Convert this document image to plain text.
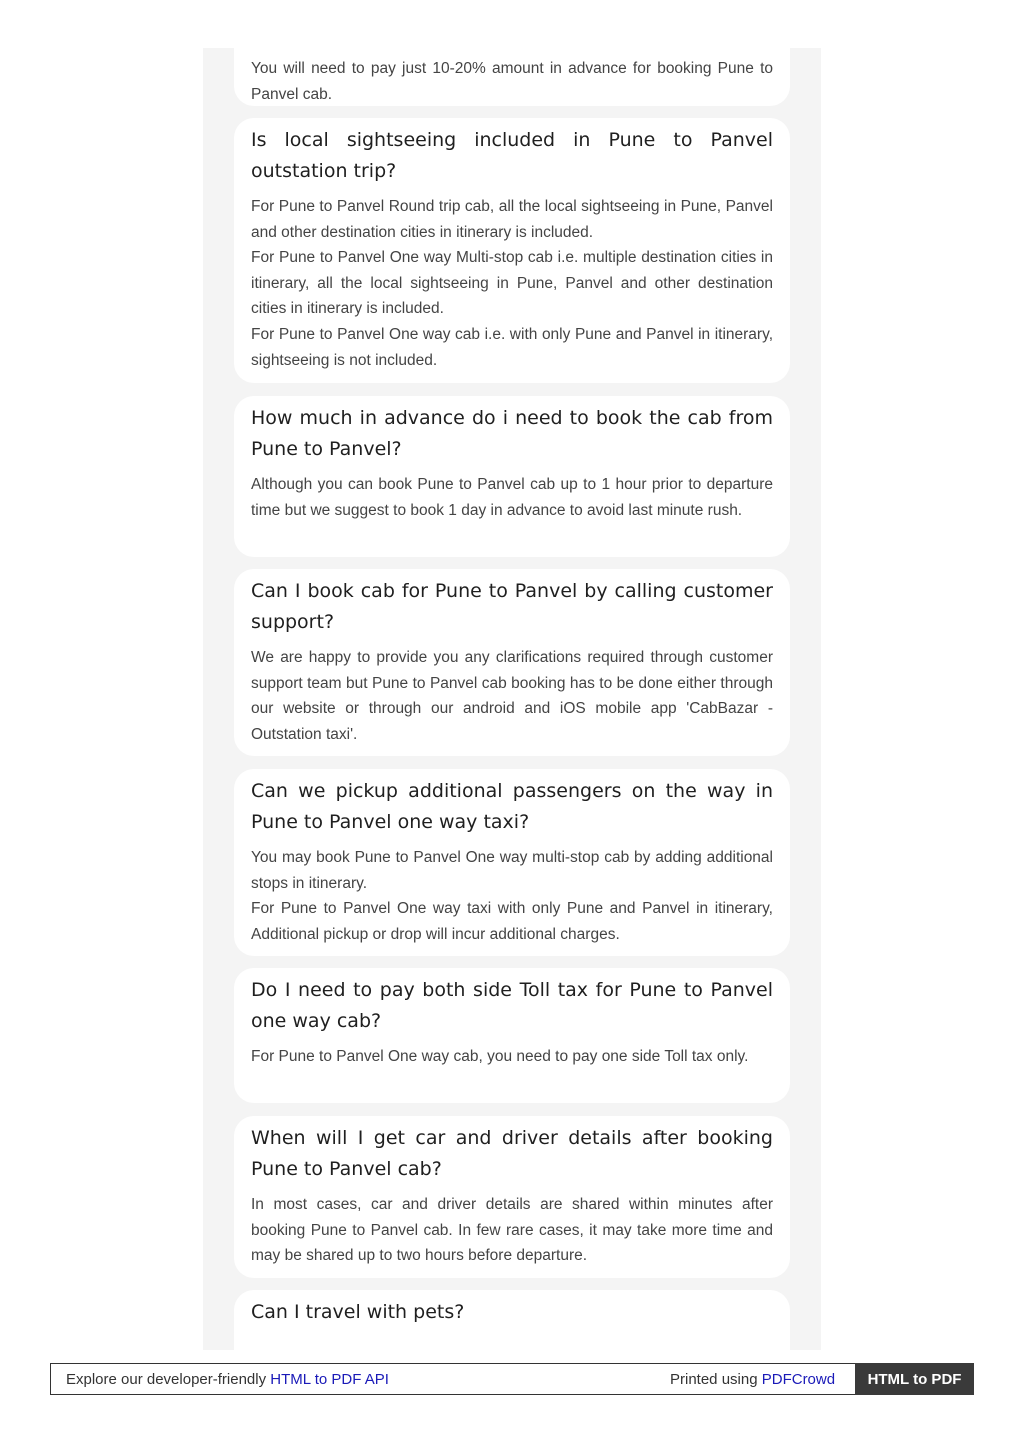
You will need to pay just 10-20% amount in advance for booking Pune to Panvel cab.

Is local sightseeing included in Pune to Panvel outstation trip?

For Pune to Panvel Round trip cab, all the local sightseeing in Pune, Panvel and other destination cities in itinerary is included.

For Pune to Panvel One way Multi-stop cab i.e. multiple destination cities in itinerary, all the local sightseeing in Pune, Panvel and other destination cities in itinerary is included.

For Pune to Panvel One way cab i.e. with only Pune and Panvel in itinerary, sightseeing is not included.

How much in advance do i need to book the cab from Pune to Panvel?

Although you can book Pune to Panvel cab up to 1 hour prior to departure time but we suggest to book 1 day in advance to avoid last minute rush.

Can I book cab for Pune to Panvel by calling customer support?

We are happy to provide you any clarifications required through customer support team but Pune to Panvel cab booking has to be done either through our website or through our android and iOS mobile app 'CabBazar - Outstation taxi'.

Can we pickup additional passengers on the way in Pune to Panvel one way taxi?

You may book Pune to Panvel One way multi-stop cab by adding additional stops in itinerary.

For Pune to Panvel One way taxi with only Pune and Panvel in itinerary, Additional pickup or drop will incur additional charges.

Do I need to pay both side Toll tax for Pune to Panvel one way cab?

For Pune to Panvel One way cab, you need to pay one side Toll tax only.

When will I get car and driver details after booking Pune to Panvel cab?

In most cases, car and driver details are shared within minutes after booking Pune to Panvel cab. In few rare cases, it may take more time and may be shared up to two hours before departure.

Can I travel with pets?
Explore our developer-friendly HTML to PDF API	Printed using PDFCrowd	HTML to PDF
